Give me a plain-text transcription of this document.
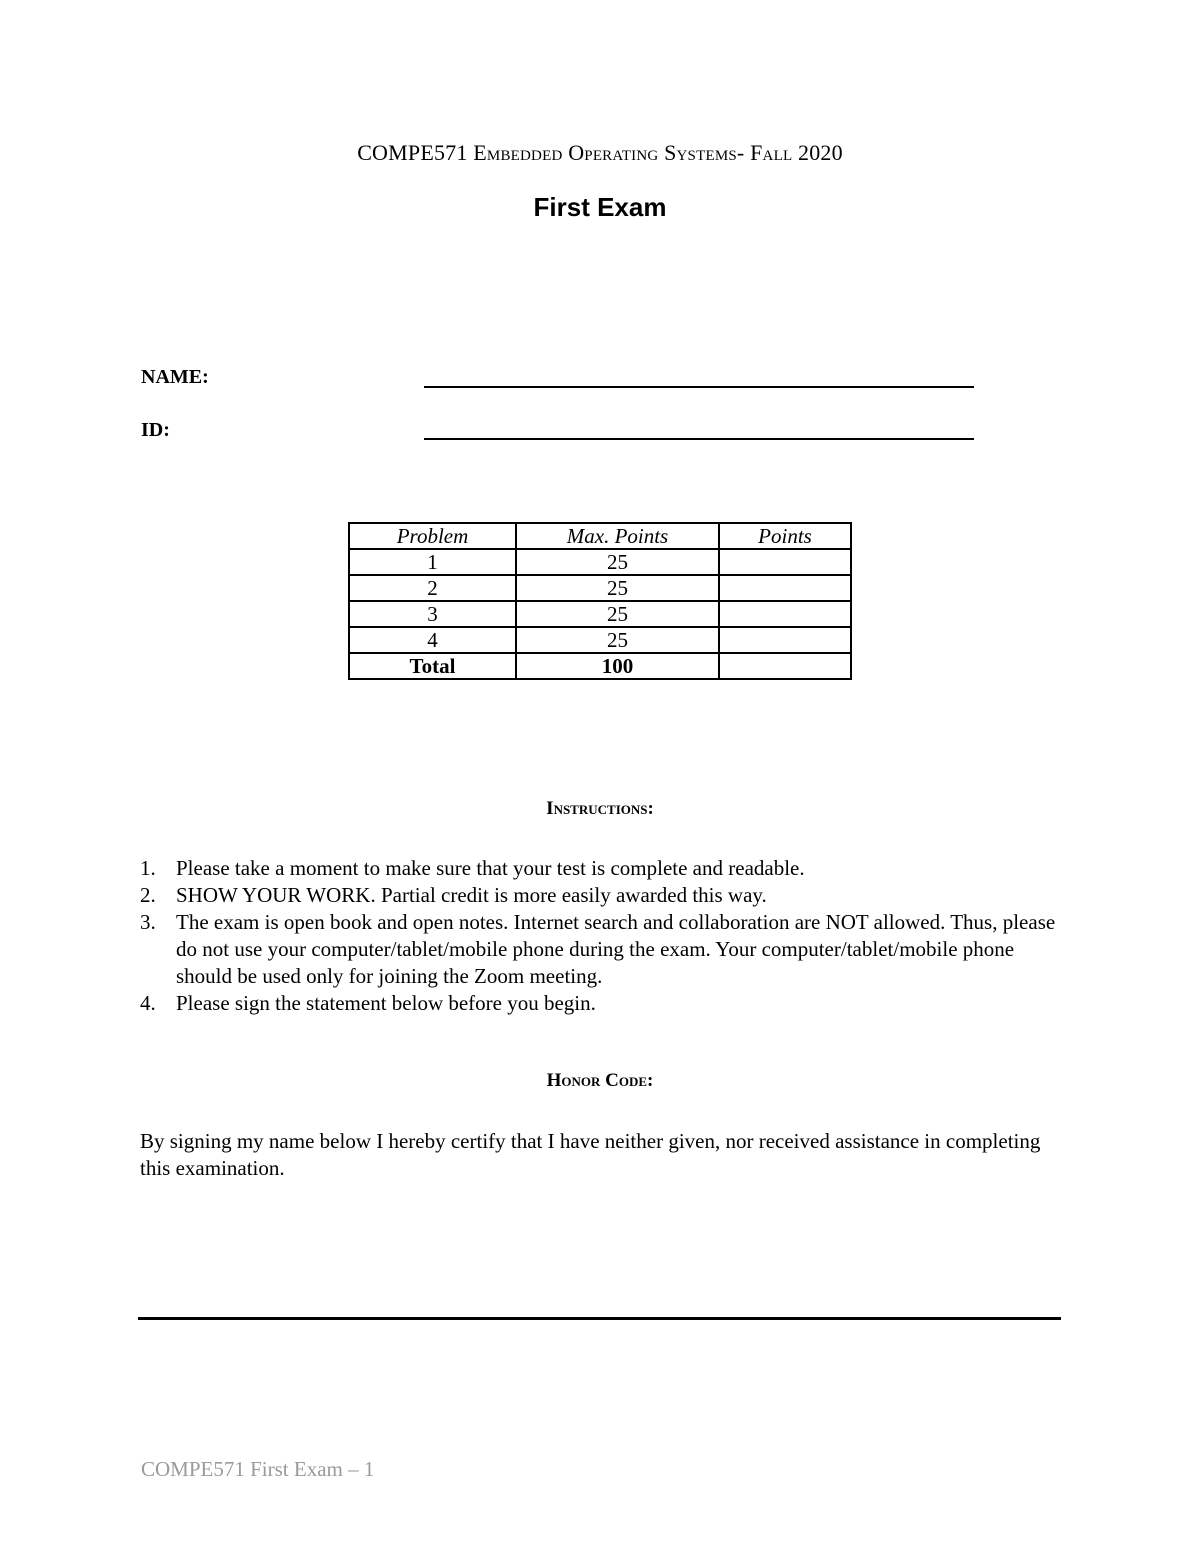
COMPE571 Embedded Operating Systems- Fall 2020
First Exam
NAME:
ID:
Problem	Max. Points	Points
1	25	
2	25	
3	25	
4	25	
Total	100	
Instructions:
1. Please take a moment to make sure that your test is complete and readable.
2. SHOW YOUR WORK. Partial credit is more easily awarded this way.
3. The exam is open book and open notes. Internet search and collaboration are NOT allowed. Thus, please do not use your computer/tablet/mobile phone during the exam. Your computer/tablet/mobile phone should be used only for joining the Zoom meeting.
4. Please sign the statement below before you begin.
Honor Code:
By signing my name below I hereby certify that I have neither given, nor received assistance in completing this examination.
COMPE571 First Exam – 1
